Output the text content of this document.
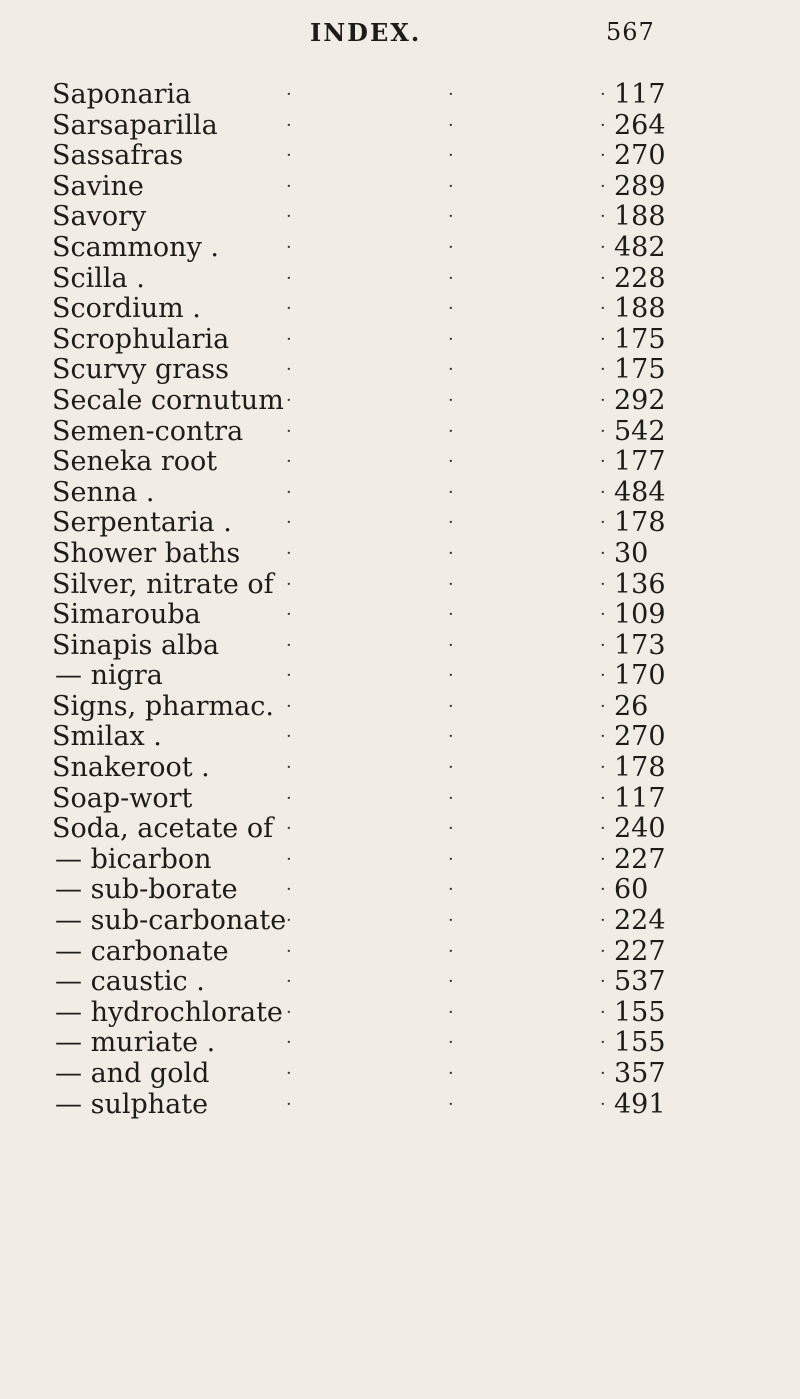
INDEX.	567
Saponaria	·	·	· 117
Sarsaparilla	·	·	· 264
Sassafras	·	·	· 270
Savine	·	·	· 289
Savory	·	·	· 188
Scammony .	·	·	· 482
Scilla .	·	·	· 228
Scordium .	·	·	· 188
Scrophularia	·	·	· 175
Scurvy grass	·	·	· 175
Secale cornutum ·	·	· 292
Semen-contra ·	·	· 542
Seneka root	·	·	· 177
Senna .	·	·	· 484
Serpentaria .	·	·	· 178
Shower baths	·	·	· 30
Silver, nitrate of ·	·	· 136
Simarouba	·	·	· 109
Sinapis alba	·	·	· 173
— nigra	·	·	· 170
Signs, pharmac. ·	·	· 26
Smilax .	·	·	· 270
Snakeroot .	·	·	· 178
Soap-wort	·	·	· 117
Soda, acetate of ·	·	· 240
— bicarbon	·	·	· 227
— sub-borate	·	·	· 60
— sub-carbonate ·	·	· 224
— carbonate	·	·	· 227
— caustic .	·	·	· 537
— hydrochlorate ·	·	· 155
— muriate .	·	·	· 155
— and gold	·	·	· 357
— sulphate	·	·	· 491
